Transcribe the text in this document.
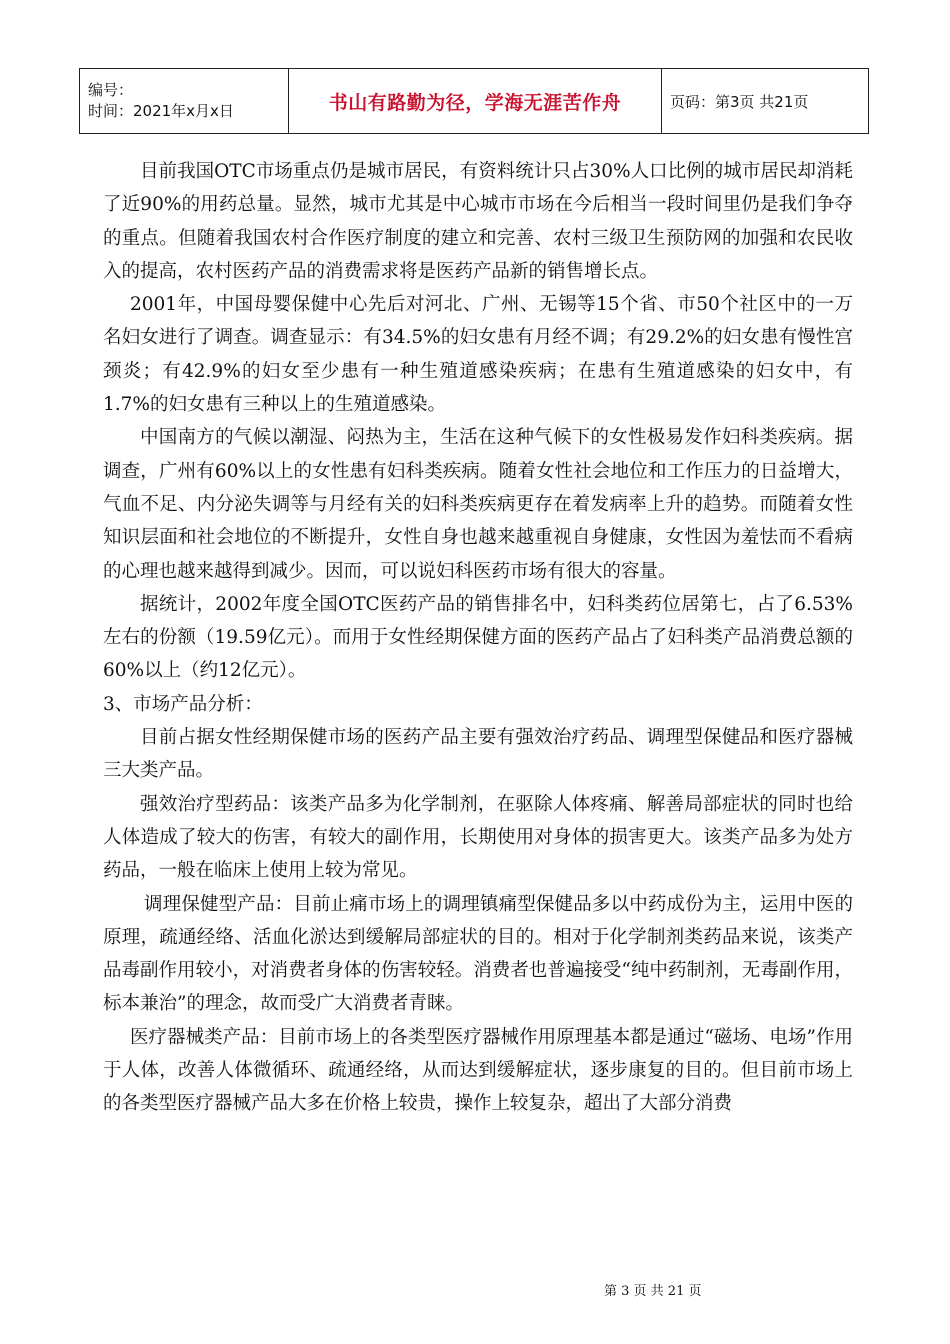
编号：
时间：2021年x月x日	书山有路勤为径，学海无涯苦作舟	页码：第3页 共21页

目前我国OTC市场重点仍是城市居民，有资料统计只占30%人口比例的城市居民却消耗了近90%的用药总量。显然，城市尤其是中心城市市场在今后相当一段时间里仍是我们争夺的重点。但随着我国农村合作医疗制度的建立和完善、农村三级卫生预防网的加强和农民收入的提高，农村医药产品的消费需求将是医药产品新的销售增长点。

2001年，中国母婴保健中心先后对河北、广州、无锡等15个省、市50个社区中的一万名妇女进行了调查。调查显示：有34.5%的妇女患有月经不调；有29.2%的妇女患有慢性宫颈炎；有42.9%的妇女至少患有一种生殖道感染疾病；在患有生殖道感染的妇女中，有1.7%的妇女患有三种以上的生殖道感染。

中国南方的气候以潮湿、闷热为主，生活在这种气候下的女性极易发作妇科类疾病。据调查，广州有60%以上的女性患有妇科类疾病。随着女性社会地位和工作压力的日益增大，气血不足、内分泌失调等与月经有关的妇科类疾病更存在着发病率上升的趋势。而随着女性知识层面和社会地位的不断提升，女性自身也越来越重视自身健康，女性因为羞怯而不看病的心理也越来越得到减少。因而，可以说妇科医药市场有很大的容量。

据统计，2002年度全国OTC医药产品的销售排名中，妇科类药位居第七，占了6.53%左右的份额（19.59亿元）。而用于女性经期保健方面的医药产品占了妇科类产品消费总额的60%以上（约12亿元）。

3、市场产品分析：

目前占据女性经期保健市场的医药产品主要有强效治疗药品、调理型保健品和医疗器械三大类产品。

强效治疗型药品：该类产品多为化学制剂，在驱除人体疼痛、解善局部症状的同时也给人体造成了较大的伤害，有较大的副作用，长期使用对身体的损害更大。该类产品多为处方药品，一般在临床上使用上较为常见。

调理保健型产品：目前止痛市场上的调理镇痛型保健品多以中药成份为主，运用中医的原理，疏通经络、活血化淤达到缓解局部症状的目的。相对于化学制剂类药品来说，该类产品毒副作用较小，对消费者身体的伤害较轻。消费者也普遍接受“纯中药制剂，无毒副作用，标本兼治”的理念，故而受广大消费者青睐。

医疗器械类产品：目前市场上的各类型医疗器械作用原理基本都是通过“磁场、电场”作用于人体，改善人体微循环、疏通经络，从而达到缓解症状，逐步康复的目的。但目前市场上的各类型医疗器械产品大多在价格上较贵，操作上较复杂，超出了大部分消费

第 3 页 共 21 页
